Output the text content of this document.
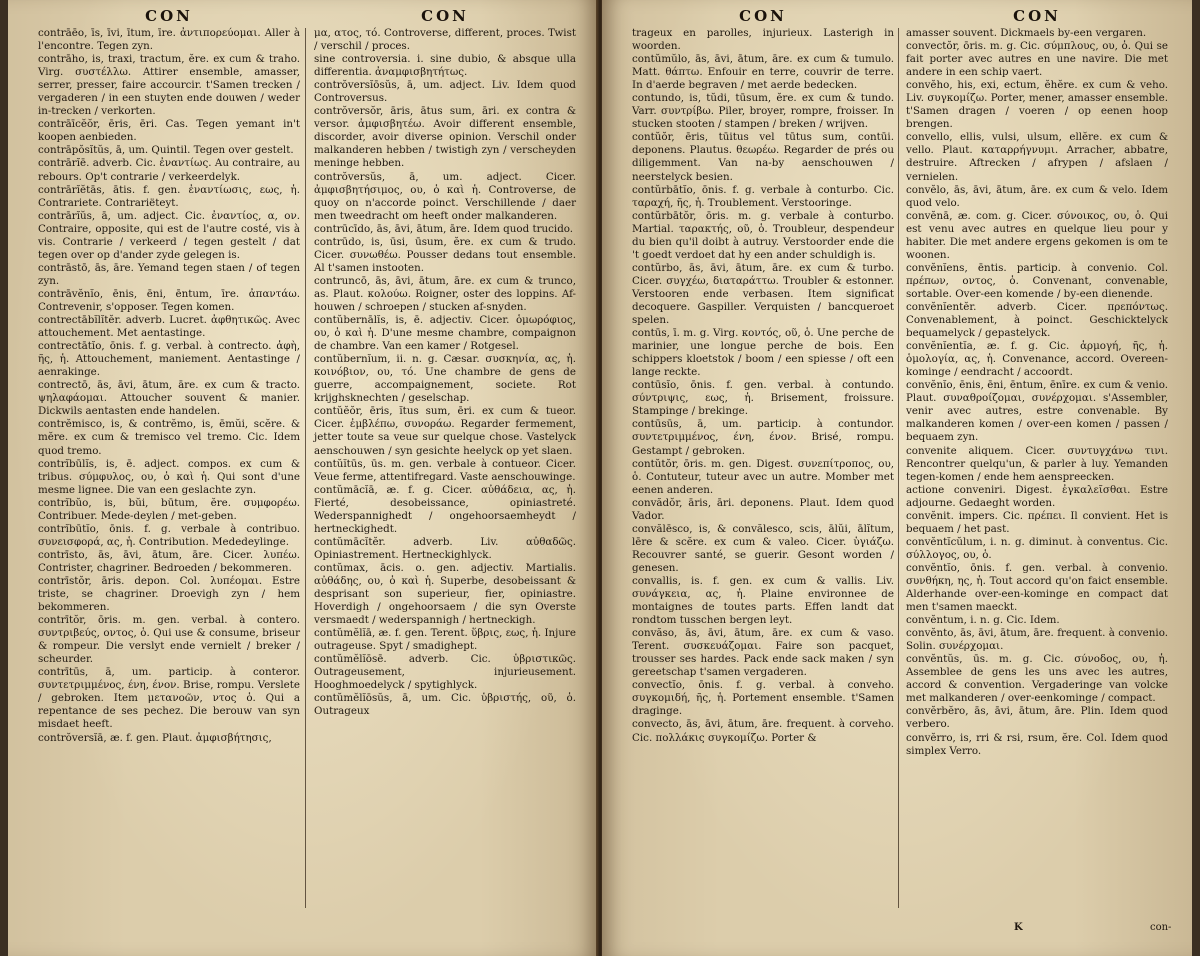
CON
contrāēo, īs, īvi, ītum, īre. ἀντιπορεύομαι. Aller à l'encontre. Tegen zyn.
contrāho, is, traxi, tractum, ĕre. ex cum & traho. Virg. συστέλλω. Attirer ensemble, amasser, serrer, presser, faire accourcir. t'Samen trecken / vergaderen / in een stuyten ende douwen / weder in-trecken / verkorten.
contrāīcĕŏr, ēris, ēri. Cas. Tegen yemant in't koopen aenbieden.
contrāpŏsĭtŭs, ā, um. Quintil. Tegen over gestelt.
contrārĭē. adverb. Cic. ἐναντίως. Au contraire, au rebours. Op't contrarie / verkeerdelyk.
contrārĭĕtās, ātis. f. gen. ἐναντίωσις, εως, ἡ. Contrariete. Contrariëteyt.
contrārĭŭs, ā, um. adject. Cic. ἐναντίος, α, ον. Contraire, opposite, qui est de l'autre costé, vis à vis. Contrarie / verkeerd / tegen gestelt / dat tegen over op d'ander zyde gelegen is.
contrāstō, ās, āre. Yemand tegen staen / of tegen zyn.
contrāvĕnĭo, ēnis, ēni, ēntum, īre. ἀπαντάω. Contrevenir, s'opposer. Tegen komen.
contrectābĭlĭtĕr. adverb. Lucret. ἀφθητικῶς. Avec attouchement. Met aentastinge.
contrectātĭo, ōnis. f. g. verbal. à contrecto. ἁφὴ, ῆς, ἡ. Attouchement, maniement. Aentastinge / aenrakinge.
contrectō, ās, āvi, ātum, āre. ex cum & tracto. ψηλαφάομαι. Attoucher souvent & manier. Dickwils aentasten ende handelen.
contrĕmisco, is, & contrĕmo, is, ēmŭi, scĕre. & mĕre. ex cum & tremisco vel tremo. Cic. Idem quod tremo.
contrĭbūlĭs, is, ē. adject. compos. ex cum & tribus. σύμφυλος, ου, ὁ καὶ ἡ. Qui sont d'une mesme lignee. Die van een geslachte zyn.
contrĭbŭo, is, bŭi, būtum, ĕre. συμφορέω. Contribuer. Mede-deylen / met-geben.
contrĭbūtĭo, ōnis. f. g. verbale à contribuo. συνεισφορά, ας, ἡ. Contribution. Mededeylinge.
contrīsto, ās, āvi, ātum, āre. Cicer. λυπέω. Contrister, chagriner. Bedroeden / bekommeren.
contrīstŏr, āris. depon. Col. λυπέομαι. Estre triste, se chagriner. Droevigh zyn / hem bekommeren.
contrītŏr, ōris. m. gen. verbal. à contero. συντριβεύς, οντος, ὁ. Qui use & consume, briseur & rompeur. Die verslyt ende vernielt / breker / scheurder.
contrītūs, ā, um. particip. à conteror. συντετριμμένος, ένη, ένον. Brise, rompu. Verslete / gebroken. Item μετανοῶν, ντος ὁ. Qui a repentance de ses pechez. Die berouw van syn misdaet heeft.
contrŏversĭā, æ. f. gen. Plaut. ἀμφισβήτησις,
CON
μα, ατος, τό. Controverse, different, proces. Twist / verschil / proces.
sine controversia. i. sine dubio, & absque ulla differentia. ἀναμφισβητήτως.
contrŏversĭōsŭs, ā, um. adject. Liv. Idem quod Controversus.
contrŏversŏr, āris, ātus sum, āri. ex contra & versor. ἀμφισβητέω. Avoir different ensemble, discorder, avoir diverse opinion. Verschil onder malkanderen hebben / twistigh zyn / verscheyden meninge hebben.
contrŏversŭs, ā, um. adject. Cicer. ἀμφισβητήσιμος, ου, ὁ καὶ ἡ. Controverse, de quoy on n'accorde poinct. Verschillende / daer men tweedracht om heeft onder malkanderen.
contrūcīdo, ās, āvi, ātum, āre. Idem quod trucido.
contrūdo, is, ūsi, ūsum, ĕre. ex cum & trudo. Cicer. συνωθέω. Pousser dedans tout ensemble. Al t'samen instooten.
contruncō, ās, āvi, ātum, āre. ex cum & trunco, as. Plaut. κολούω. Roigner, oster des loppins. Af-houwen / schroepen / stucken af-snyden.
contŭbernālĭs, is, ē. adjectiv. Cicer. ὁμωρόφιος, ου, ὁ καὶ ἡ. D'une mesme chambre, compaignon de chambre. Van een kamer / Rotgesel.
contŭbernĭum, ii. n. g. Cæsar. συσκηνία, ας, ἡ. κοινόβιον, ου, τό. Une chambre de gens de guerre, accompaignement, societe. Rot krijghsknechten / geselschap.
contŭĕŏr, ēris, ĭtus sum, ēri. ex cum & tueor. Cicer. ἐμβλέπω, συνοράω. Regarder fermement, jetter toute sa veue sur quelque chose. Vastelyck aenschouwen / syn gesichte heelyck op yet slaen.
contŭĭtūs, ūs. m. gen. verbale à contueor. Cicer. Veue ferme, attentifregard. Vaste aenschouwinge.
contŭmācĭā, æ. f. g. Cicer. αὐθάδεια, ας, ἡ. Fierté, desobeissance, opiniastreté. Wederspannighedt / ongehoorsaemheydt / hertneckighedt.
contŭmācĭtĕr. adverb. Liv. αὐθαδῶς. Opiniastrement. Hertneckighlyck.
contŭmax, ācis. o. gen. adjectiv. Martialis. αὐθάδης, ου, ὁ καὶ ἡ. Superbe, desobeissant & desprisant son superieur, fier, opiniastre. Hoverdigh / ongehoorsaem / die syn Overste versmaedt / wederspannigh / hertneckigh.
contŭmĕlĭā, æ. f. gen. Terent. ὕβρις, εως, ἡ. Injure outrageuse. Spyt / smadighept.
contŭmĕlĭōsē. adverb. Cic. ὑβριστικῶς. Outrageusement, injurieusement. Hooghmoedelyck / spytighlyck.
contŭmĕlĭōsŭs, ā, um. Cic. ὑβριστής, οῦ, ὁ. Outrageux
CON
trageux en parolles, injurieux. Lasterigh in woorden.
contŭmŭlo, ās, āvi, ātum, āre. ex cum & tumulo. Matt. θάπτω. Enfouir en terre, couvrir de terre. In d'aerde begraven / met aerde bedecken.
contundo, is, tŭdi, tūsum, ĕre. ex cum & tundo. Varr. συντρίβω. Piler, broyer, rompre, froisser. In stucken stooten / stampen / breken / wrijven.
contŭŏr, ēris, tūitus vel tūtus sum, contūi. deponens. Plautus. θεωρέω. Regarder de prés ou diligemment. Van na-by aenschouwen / neerstelyck besien.
contŭrbātĭo, ōnis. f. g. verbale à conturbo. Cic. ταραχή, ῆς, ἡ. Troublement. Verstooringe.
contŭrbātŏr, ōris. m. g. verbale à conturbo. Martial. ταρακτής, οῦ, ὁ. Troubleur, despendeur du bien qu'il doibt à autruy. Verstoorder ende die 't goedt verdoet dat hy een ander schuldigh is.
contŭrbo, ās, āvi, ātum, āre. ex cum & turbo. Cicer. συγχέω, διαταράττω. Troubler & estonner. Verstooren ende verbasen. Item significat decoquere. Gaspiller. Verquisten / bancqueroet spelen.
contūs, ī. m. g. Virg. κοντός, οῦ, ὁ. Une perche de marinier, une longue perche de bois. Een schippers kloetstok / boom / een spiesse / oft een lange reckte.
contūsĭo, ōnis. f. gen. verbal. à contundo. σύντριψις, εως, ἡ. Brisement, froissure. Stampinge / brekinge.
contūsūs, ā, um. particip. à contundor. συντετριμμένος, ένη, ένον. Brisé, rompu. Gestampt / gebroken.
contŭtŏr, ōris. m. gen. Digest. συνεπίτροπος, ου, ὁ. Contuteur, tuteur avec un autre. Momber met eenen anderen.
convădŏr, āris, āri. deponens. Plaut. Idem quod Vador.
convălēsco, is, & convălesco, scis, ālŭi, ālĭtum, lēre & scĕre. ex cum & valeo. Cicer. ὑγιάζω. Recouvrer santé, se guerir. Gesont worden / genesen.
convallis, is. f. gen. ex cum & vallis. Liv. συνάγκεια, ας, ἡ. Plaine environnee de montaignes de toutes parts. Effen landt dat rondtom tusschen bergen leyt.
convăso, ās, āvi, ātum, āre. ex cum & vaso. Terent. συσκευάζομαι. Faire son pacquet, trousser ses hardes. Pack ende sack maken / syn gereetschap t'samen vergaderen.
convectĭo, ōnis. f. g. verbal. à conveho. συγκομιδή, ῆς, ἡ. Portement ensemble. t'Samen draginge.
convecto, ās, āvi, ātum, āre. frequent. à corveho. Cic. πολλάκις συγκομίζω. Porter &
CON
amasser souvent. Dickmaels by-een vergaren.
convectŏr, ōris. m. g. Cic. σύμπλους, ου, ὁ. Qui se fait porter avec autres en une navire. Die met andere in een schip vaert.
convĕho, his, exi, ectum, ĕhĕre. ex cum & veho. Liv. συγκομίζω. Porter, mener, amasser ensemble. t'Samen dragen / voeren / op eenen hoop brengen.
convello, ellis, vulsi, ulsum, ellĕre. ex cum & vello. Plaut. καταρρήγνυμι. Arracher, abbatre, destruire. Aftrecken / afrypen / afslaen / vernielen.
convĕlo, ās, āvi, ātum, āre. ex cum & velo. Idem quod velo.
convĕnā, æ. com. g. Cicer. σύνοικος, ου, ὁ. Qui est venu avec autres en quelque lieu pour y habiter. Die met andere ergens gekomen is om te woonen.
convĕnĭens, ēntis. particip. à convenio. Col. πρέπων, οντος, ὁ. Convenant, convenable, sortable. Over-een komende / by-een dienende.
convĕnĭentĕr. adverb. Cicer. πρεπόντως. Convenablement, à poinct. Geschicktelyck bequamelyck / gepastelyck.
convĕnĭentĭa, æ. f. g. Cic. ἁρμογή, ῆς, ἡ. ὁμολογία, ας, ἡ. Convenance, accord. Overeen-kominge / eendracht / accoordt.
convĕnĭo, ēnis, ēni, ēntum, ēnīre. ex cum & venio. Plaut. συναθροίζομαι, συνέρχομαι. s'Assembler, venir avec autres, estre convenable. By malkanderen komen / over-een komen / passen / bequaem zyn.
convenite aliquem. Cicer. συντυγχάνω τινι. Rencontrer quelqu'un, & parler à luy. Yemanden tegen-komen / ende hem aenspreecken.
actione conveniri. Digest. ἐγκαλεῖσθαι. Estre adjourne. Gedaeght worden.
convĕnit. impers. Cic. πρέπει. Il convient. Het is bequaem / het past.
convĕntĭcŭlum, i. n. g. diminut. à conventus. Cic. σύλλογος, ου, ὁ.
convĕntĭo, ōnis. f. gen. verbal. à convenio. συνθήκη, ης, ἡ. Tout accord qu'on faict ensemble. Alderhande over-een-kominge en compact dat men t'samen maeckt.
convĕntum, i. n. g. Cic. Idem.
convĕnto, ās, āvi, ātum, āre. frequent. à convenio. Solin. συνέρχομαι.
convĕntŭs, ūs. m. g. Cic. σύνοδος, ου, ἡ. Assemblee de gens les uns avec les autres, accord & convention. Vergaderinge van volcke met malkanderen / over-eenkominge / compact.
convĕrbĕro, ās, āvi, ātum, āre. Plin. Idem quod verbero.
convĕrro, is, rri & rsi, rsum, ĕre. Col. Idem quod simplex Verro.
K	con-
